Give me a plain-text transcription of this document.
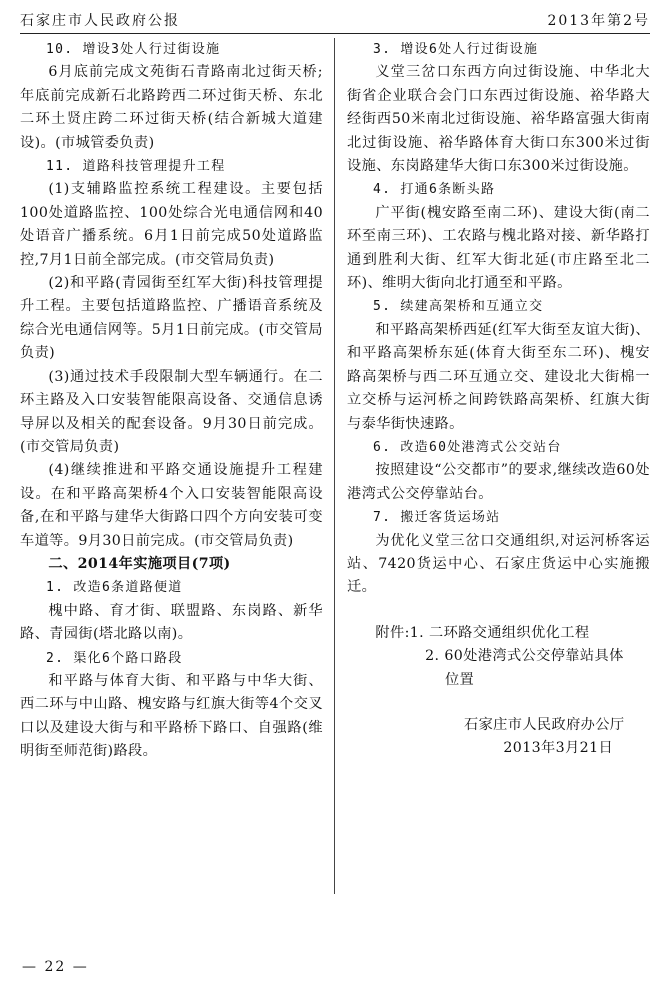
石家庄市人民政府公报	2013年第2号

10. 增设3处人行过街设施

6月底前完成文苑街石青路南北过街天桥;年底前完成新石北路跨西二环过街天桥、东北二环土贤庄跨二环过街天桥(结合新城大道建设)。(市城管委负责)

11. 道路科技管理提升工程

(1)支辅路监控系统工程建设。主要包括100处道路监控、100处综合光电通信网和40处语音广播系统。6月1日前完成50处道路监控,7月1日前全部完成。(市交管局负责)

(2)和平路(青园街至红军大街)科技管理提升工程。主要包括道路监控、广播语音系统及综合光电通信网等。5月1日前完成。(市交管局负责)

(3)通过技术手段限制大型车辆通行。在二环主路及入口安装智能限高设备、交通信息诱导屏以及相关的配套设备。9月30日前完成。(市交管局负责)

(4)继续推进和平路交通设施提升工程建设。在和平路高架桥4个入口安装智能限高设备,在和平路与建华大街路口四个方向安装可变车道等。9月30日前完成。(市交管局负责)

二、2014年实施项目(7项)

1. 改造6条道路便道

槐中路、育才街、联盟路、东岗路、新华路、青园街(塔北路以南)。

2. 渠化6个路口路段

和平路与体育大街、和平路与中华大街、西二环与中山路、槐安路与红旗大街等4个交叉口以及建设大街与和平路桥下路口、自强路(维明街至师范街)路段。

3. 增设6处人行过街设施

义堂三岔口东西方向过街设施、中华北大街省企业联合会门口东西过街设施、裕华路大经街西50米南北过街设施、裕华路富强大街南北过街设施、裕华路体育大街口东300米过街设施、东岗路建华大街口东300米过街设施。

4. 打通6条断头路

广平街(槐安路至南二环)、建设大街(南二环至南三环)、工农路与槐北路对接、新华路打通到胜利大街、红军大街北延(市庄路至北二环)、维明大街向北打通至和平路。

5. 续建高架桥和互通立交

和平路高架桥西延(红军大街至友谊大街)、和平路高架桥东延(体育大街至东二环)、槐安路高架桥与西二环互通立交、建设北大街棉一立交桥与运河桥之间跨铁路高架桥、红旗大街与泰华街快速路。

6. 改造60处港湾式公交站台

按照建设“公交都市”的要求,继续改造60处港湾式公交停靠站台。

7. 搬迁客货运场站

为优化义堂三岔口交通组织,对运河桥客运站、7420货运中心、石家庄货运中心实施搬迁。

附件: 1. 二环路交通组织优化工程
2. 60处港湾式公交停靠站具体
位置

石家庄市人民政府办公厅

2013年3月21日

— 22 —
